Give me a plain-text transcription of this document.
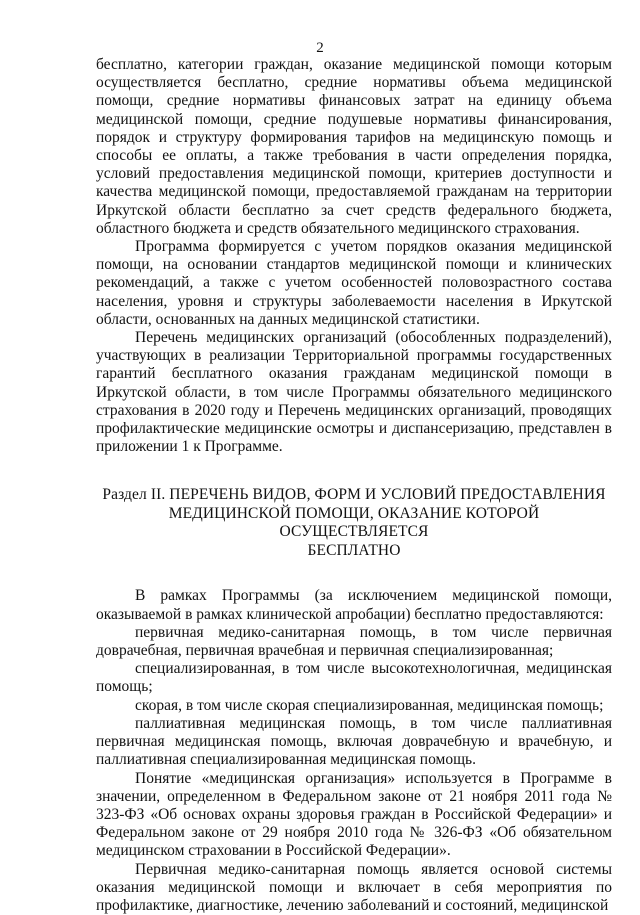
2

бесплатно, категории граждан, оказание медицинской помощи которым осуществляется бесплатно, средние нормативы объема медицинской помощи, средние нормативы финансовых затрат на единицу объема медицинской помощи, средние подушевые нормативы финансирования, порядок и структуру формирования тарифов на медицинскую помощь и способы ее оплаты, а также требования в части определения порядка, условий предоставления медицинской помощи, критериев доступности и качества медицинской помощи, предоставляемой гражданам на территории Иркутской области бесплатно за счет средств федерального бюджета, областного бюджета и средств обязательного медицинского страхования.

Программа формируется с учетом порядков оказания медицинской помощи, на основании стандартов медицинской помощи и клинических рекомендаций, а также с учетом особенностей половозрастного состава населения, уровня и структуры заболеваемости населения в Иркутской области, основанных на данных медицинской статистики.

Перечень медицинских организаций (обособленных подразделений), участвующих в реализации Территориальной программы государственных гарантий бесплатного оказания гражданам медицинской помощи в Иркутской области, в том числе Программы обязательного медицинского страхования в 2020 году и Перечень медицинских организаций, проводящих профилактические медицинские осмотры и диспансеризацию, представлен в приложении 1 к Программе.

Раздел II. ПЕРЕЧЕНЬ ВИДОВ, ФОРМ И УСЛОВИЙ ПРЕДОСТАВЛЕНИЯ
МЕДИЦИНСКОЙ ПОМОЩИ, ОКАЗАНИЕ КОТОРОЙ ОСУЩЕСТВЛЯЕТСЯ
БЕСПЛАТНО

В рамках Программы (за исключением медицинской помощи, оказываемой в рамках клинической апробации) бесплатно предоставляются:

первичная медико-санитарная помощь, в том числе первичная доврачебная, первичная врачебная и первичная специализированная;

специализированная, в том числе высокотехнологичная, медицинская помощь;

скорая, в том числе скорая специализированная, медицинская помощь;

паллиативная медицинская помощь, в том числе паллиативная первичная медицинская помощь, включая доврачебную и врачебную, и паллиативная специализированная медицинская помощь.

Понятие «медицинская организация» используется в Программе в значении, определенном в Федеральном законе от 21 ноября 2011 года № 323-ФЗ «Об основах охраны здоровья граждан в Российской Федерации» и Федеральном законе от 29 ноября 2010 года № 326-ФЗ «Об обязательном медицинском страховании в Российской Федерации».

Первичная медико-санитарная помощь является основой системы оказания медицинской помощи и включает в себя мероприятия по профилактике, диагностике, лечению заболеваний и состояний, медицинской
